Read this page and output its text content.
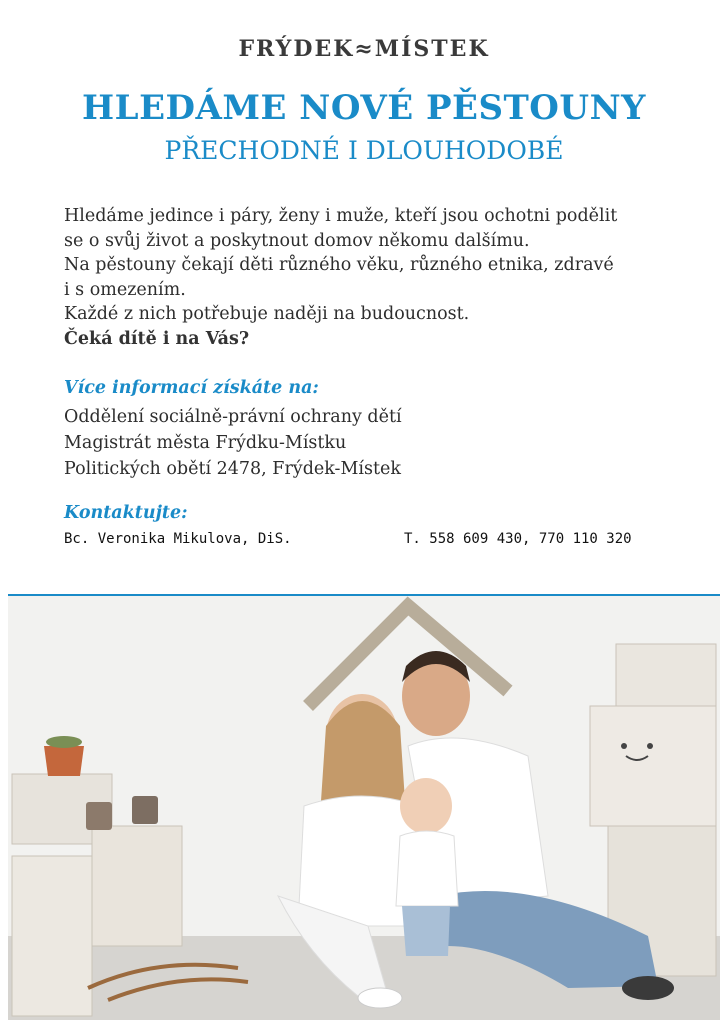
FRÝDEK≈MÍSTEK
HLEDÁME NOVÉ PĚSTOUNY
PŘECHODNÉ I DLOUHODOBÉ
Hledáme jedince i páry, ženy i muže, kteří jsou ochotni podělit
se o svůj život a poskytnout domov někomu dalšímu.
Na pěstouny čekají děti různého věku, různého etnika, zdravé
i s omezením.
Každé z nich potřebuje naději na budoucnost.
Čeká dítě i na Vás?
Více informací získáte na:
Oddělení sociálně-právní ochrany dětí
Magistrát města Frýdku-Místku
Politických obětí 2478, Frýdek-Místek
Kontaktujte:
Bc. Veronika Mikulova, DiS.	T. 558 609 430, 770 110 320
